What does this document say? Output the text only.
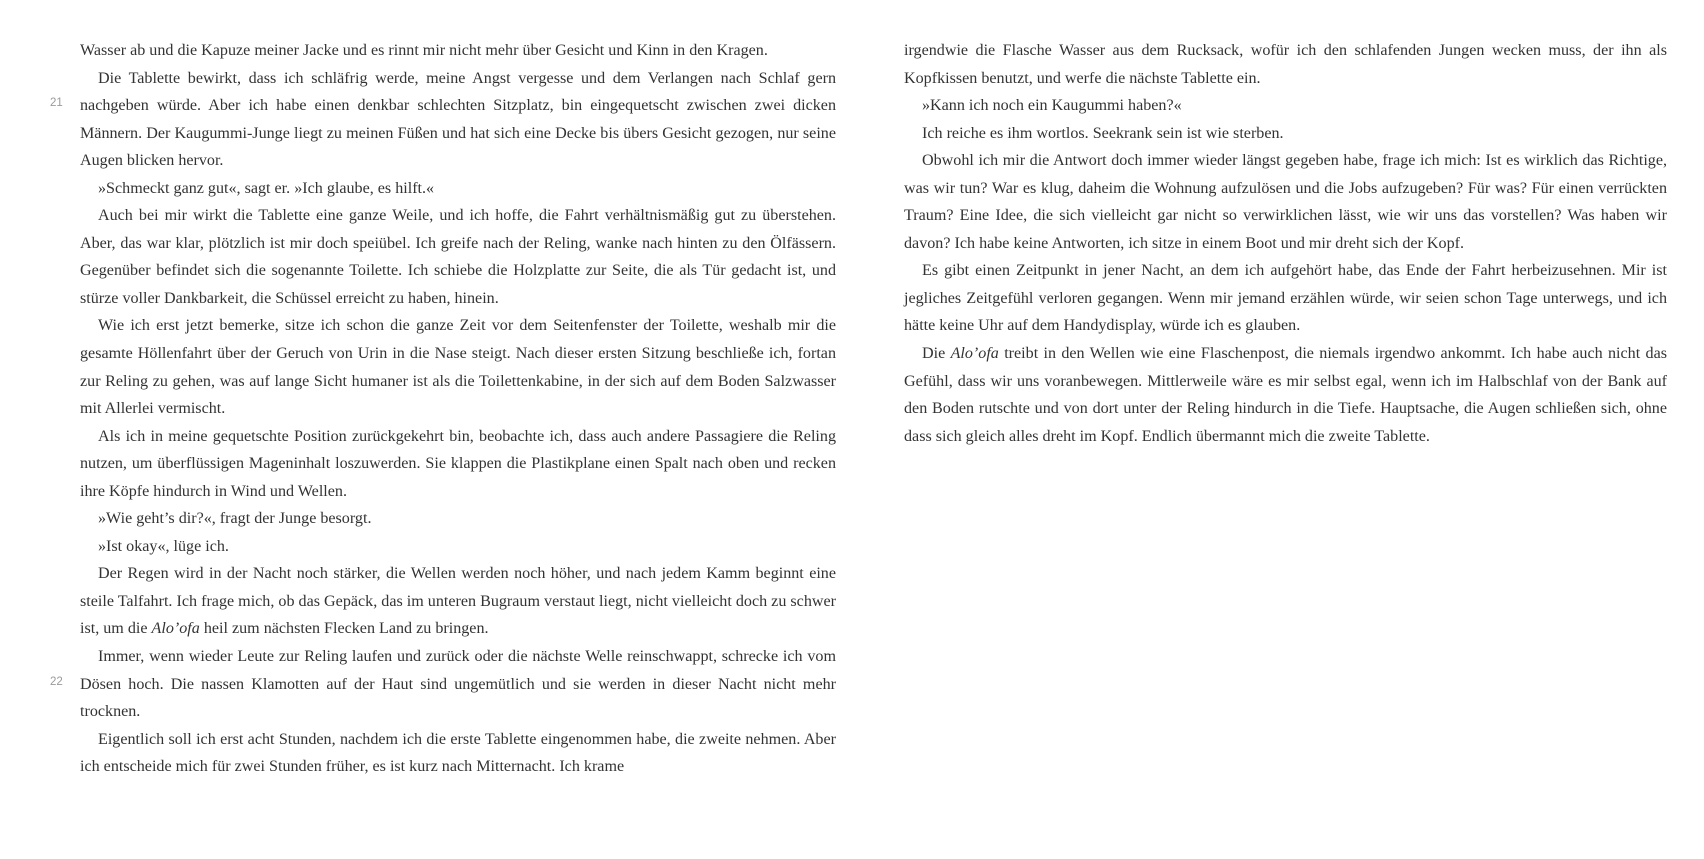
21
22

Wasser ab und die Kapuze meiner Jacke und es rinnt mir nicht mehr über Gesicht und Kinn in den Kragen.

Die Tablette bewirkt, dass ich schläfrig werde, meine Angst vergesse und dem Verlangen nach Schlaf gern nachgeben würde. Aber ich habe einen denkbar schlechten Sitzplatz, bin eingequetscht zwischen zwei dicken Männern. Der Kaugummi-Junge liegt zu meinen Füßen und hat sich eine Decke bis übers Gesicht gezogen, nur seine Augen blicken hervor.

»Schmeckt ganz gut«, sagt er. »Ich glaube, es hilft.«

Auch bei mir wirkt die Tablette eine ganze Weile, und ich hoffe, die Fahrt verhältnismäßig gut zu überstehen. Aber, das war klar, plötzlich ist mir doch speiübel. Ich greife nach der Reling, wanke nach hinten zu den Ölfässern. Gegenüber befindet sich die sogenannte Toilette. Ich schiebe die Holzplatte zur Seite, die als Tür gedacht ist, und stürze voller Dankbarkeit, die Schüssel erreicht zu haben, hinein.

Wie ich erst jetzt bemerke, sitze ich schon die ganze Zeit vor dem Seitenfenster der Toilette, weshalb mir die gesamte Höllenfahrt über der Geruch von Urin in die Nase steigt. Nach dieser ersten Sitzung beschließe ich, fortan zur Reling zu gehen, was auf lange Sicht humaner ist als die Toilettenkabine, in der sich auf dem Boden Salzwasser mit Allerlei vermischt.

Als ich in meine gequetschte Position zurückgekehrt bin, beobachte ich, dass auch andere Passagiere die Reling nutzen, um überflüssigen Mageninhalt loszuwerden. Sie klappen die Plastikplane einen Spalt nach oben und recken ihre Köpfe hindurch in Wind und Wellen.

»Wie geht’s dir?«, fragt der Junge besorgt.

»Ist okay«, lüge ich.

Der Regen wird in der Nacht noch stärker, die Wellen werden noch höher, und nach jedem Kamm beginnt eine steile Talfahrt. Ich frage mich, ob das Gepäck, das im unteren Bugraum verstaut liegt, nicht vielleicht doch zu schwer ist, um die Alo’ofa heil zum nächsten Flecken Land zu bringen.

Immer, wenn wieder Leute zur Reling laufen und zurück oder die nächste Welle reinschwappt, schrecke ich vom Dösen hoch. Die nassen Klamotten auf der Haut sind ungemütlich und sie werden in dieser Nacht nicht mehr trocknen.

Eigentlich soll ich erst acht Stunden, nachdem ich die erste Tablette eingenommen habe, die zweite nehmen. Aber ich entscheide mich für zwei Stunden früher, es ist kurz nach Mitternacht. Ich krame

irgendwie die Flasche Wasser aus dem Rucksack, wofür ich den schlafenden Jungen wecken muss, der ihn als Kopfkissen benutzt, und werfe die nächste Tablette ein.

»Kann ich noch ein Kaugummi haben?«

Ich reiche es ihm wortlos. Seekrank sein ist wie sterben.

Obwohl ich mir die Antwort doch immer wieder längst gegeben habe, frage ich mich: Ist es wirklich das Richtige, was wir tun? War es klug, daheim die Wohnung aufzulösen und die Jobs aufzugeben? Für was? Für einen verrückten Traum? Eine Idee, die sich vielleicht gar nicht so verwirklichen lässt, wie wir uns das vorstellen? Was haben wir davon? Ich habe keine Antworten, ich sitze in einem Boot und mir dreht sich der Kopf.

Es gibt einen Zeitpunkt in jener Nacht, an dem ich aufgehört habe, das Ende der Fahrt herbeizusehnen. Mir ist jegliches Zeitgefühl verloren gegangen. Wenn mir jemand erzählen würde, wir seien schon Tage unterwegs, und ich hätte keine Uhr auf dem Handydisplay, würde ich es glauben.

Die Alo’ofa treibt in den Wellen wie eine Flaschenpost, die niemals irgendwo ankommt. Ich habe auch nicht das Gefühl, dass wir uns voranbewegen. Mittlerweile wäre es mir selbst egal, wenn ich im Halbschlaf von der Bank auf den Boden rutschte und von dort unter der Reling hindurch in die Tiefe. Hauptsache, die Augen schließen sich, ohne dass sich gleich alles dreht im Kopf. Endlich übermannt mich die zweite Tablette.
